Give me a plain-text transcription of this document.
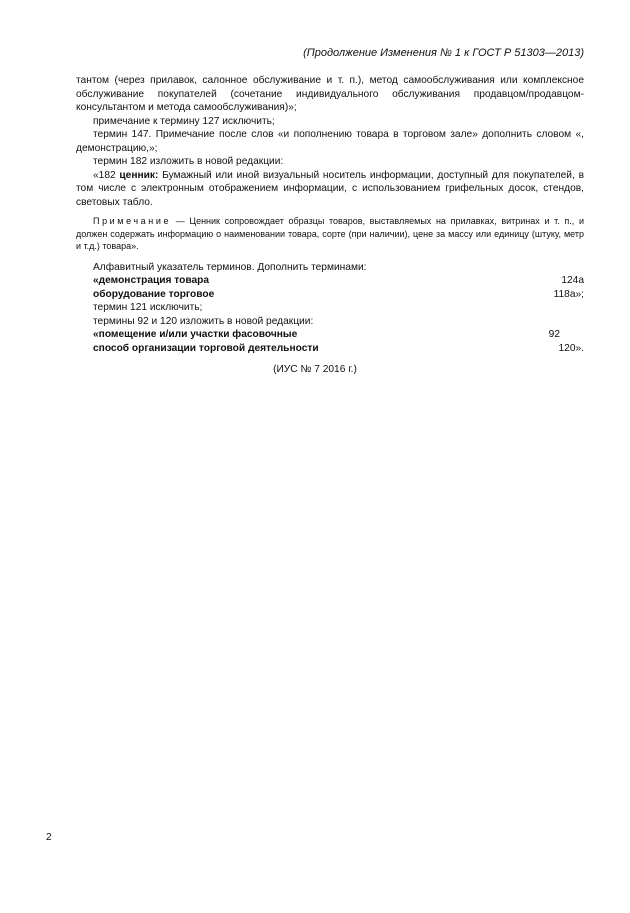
(Продолжение Изменения № 1 к ГОСТ Р 51303—2013)

тантом (через прилавок, салонное обслуживание и т. п.), метод самообслуживания или комплексное обслуживание покупателей (сочетание индивидуального обслуживания продавцом/продавцом-консультантом и метода самообслуживания)»;

примечание к термину 127 исключить;

термин 147. Примечание после слов «и пополнению товара в торговом зале» дополнить словом «, демонстрацию,»;

термин 182 изложить в новой редакции:

«182 ценник: Бумажный или иной визуальный носитель информации, доступный для покупателей, в том числе с электронным отображением информации, с использованием грифельных досок, стендов, световых табло.

Примечание — Ценник сопровождает образцы товаров, выставляемых на прилавках, витринах и т. п., и должен содержать информацию о наименовании товара, сорте (при наличии), цене за массу или единицу (штуку, метр и т.д.) товара».

Алфавитный указатель терминов. Дополнить терминами:
«демонстрация товара	124а
оборудование торговое	118а»;
термин 121 исключить;
термины 92 и 120 изложить в новой редакции:
«помещение и/или участки фасовочные	92
способ организации торговой деятельности	120».
(ИУС № 7 2016 г.)
2
